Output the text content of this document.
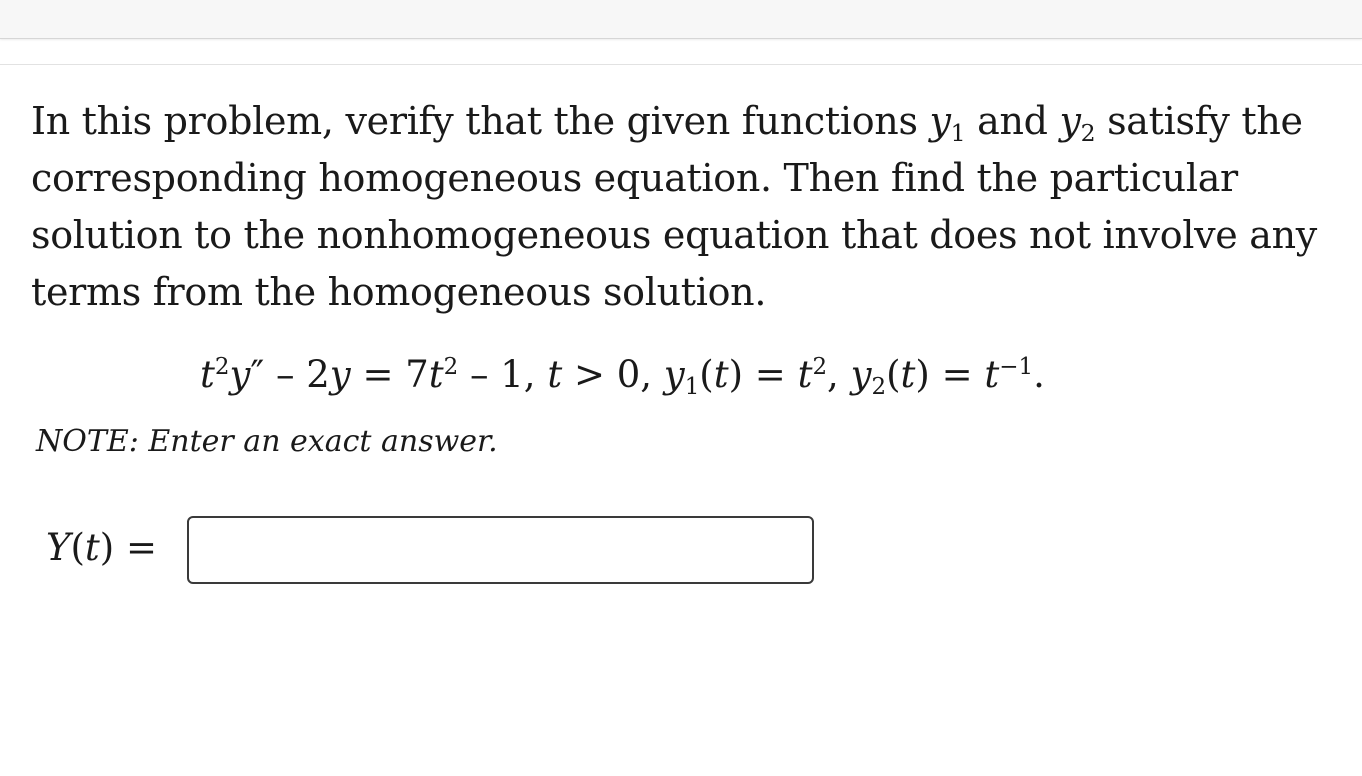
In this problem, verify that the given functions $y_1$ and $y_2$ satisfy the corresponding homogeneous equation. Then find the particular solution to the nonhomogeneous equation that does not involve any terms from the homogeneous solution.
$t^2y'' - 2y = 7t^2 - 1$, t > 0, $y_1(t) = t^2$, $y_2(t) = t^{-1}$.
NOTE: Enter an exact answer.
Y(t) =
